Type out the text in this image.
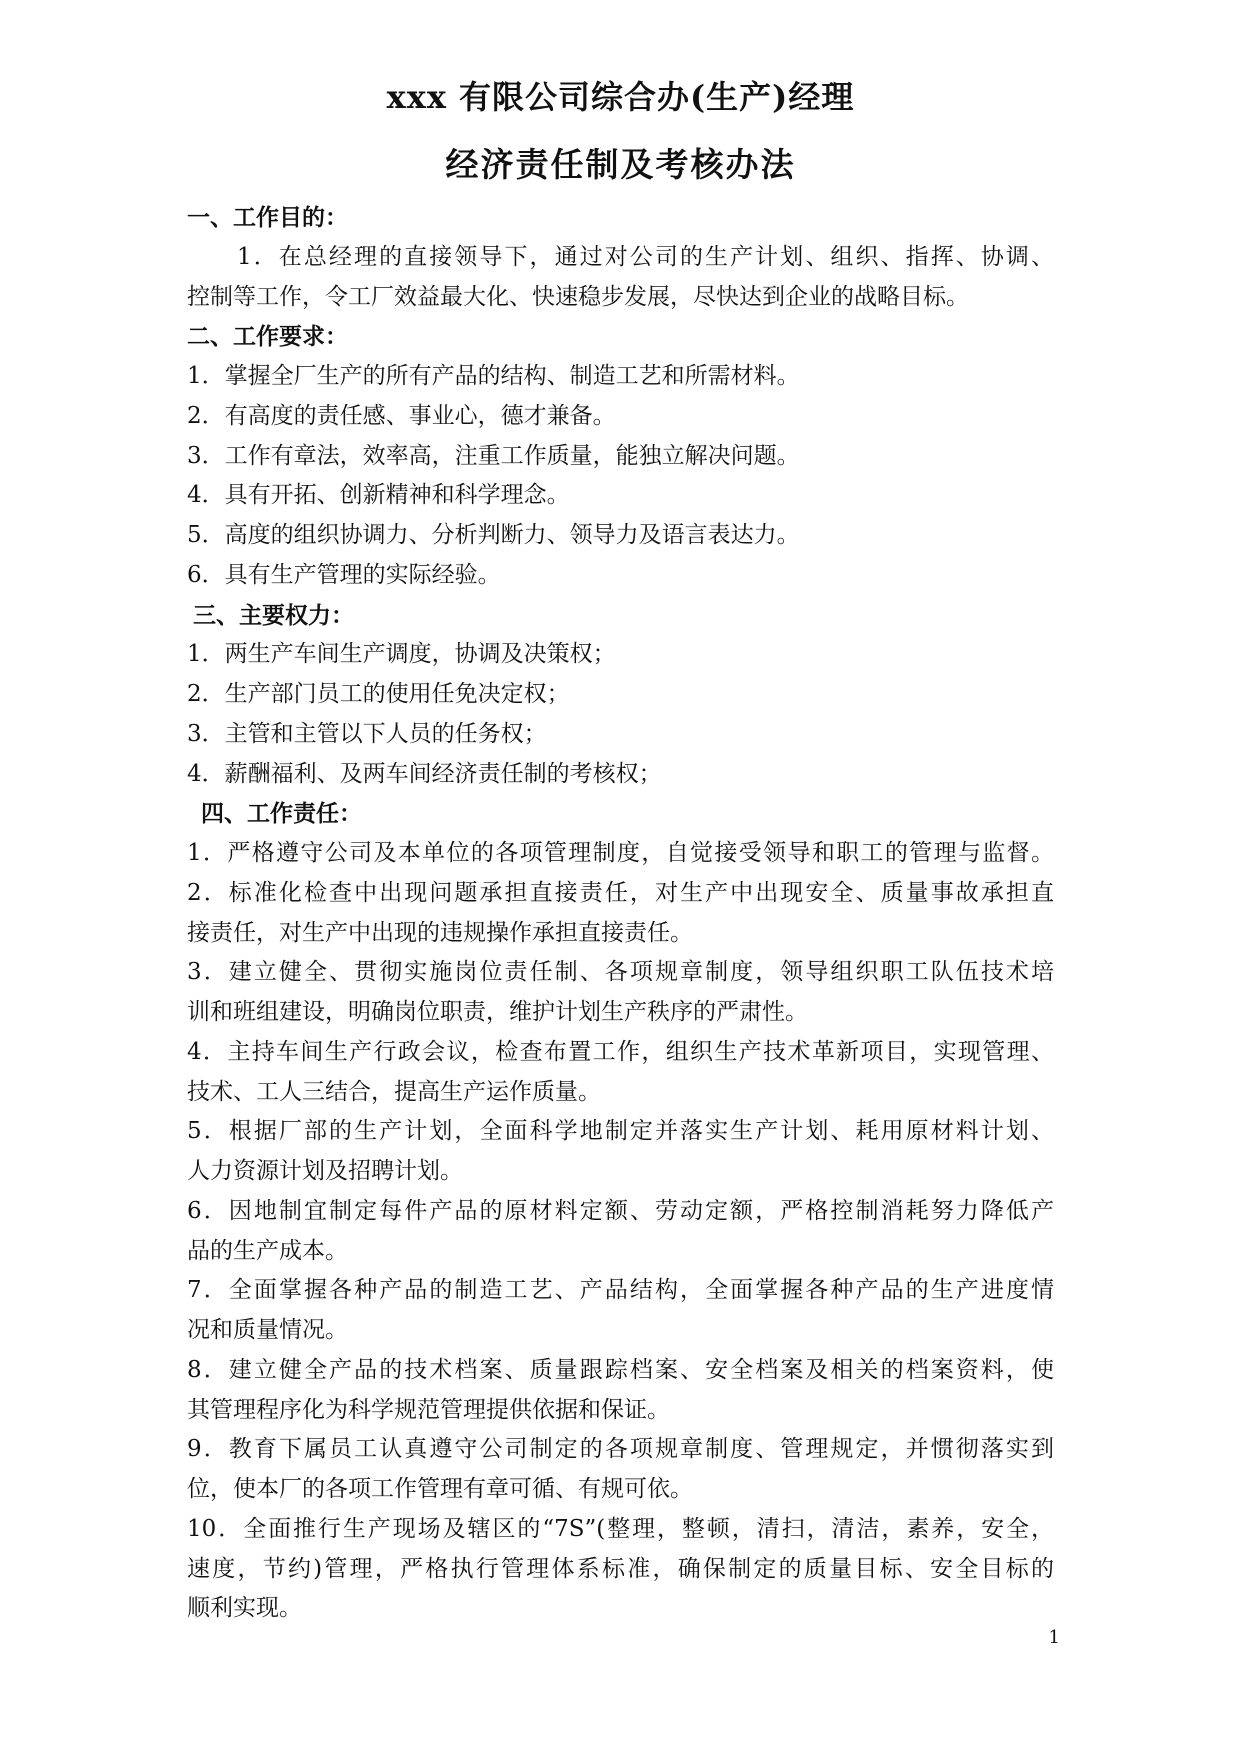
xxx 有限公司综合办(生产)经理
经济责任制及考核办法
一、工作目的：
1．在总经理的直接领导下，通过对公司的生产计划、组织、指挥、协调、
控制等工作，令工厂效益最大化、快速稳步发展，尽快达到企业的战略目标。
二、工作要求：
1．掌握全厂生产的所有产品的结构、制造工艺和所需材料。
2．有高度的责任感、事业心，德才兼备。
3．工作有章法，效率高，注重工作质量，能独立解决问题。
4．具有开拓、创新精神和科学理念。
5．高度的组织协调力、分析判断力、领导力及语言表达力。
6．具有生产管理的实际经验。
三、主要权力：
1．两生产车间生产调度，协调及决策权；
2．生产部门员工的使用任免决定权；
3．主管和主管以下人员的任务权；
4．薪酬福利、及两车间经济责任制的考核权；
四、工作责任：
1．严格遵守公司及本单位的各项管理制度，自觉接受领导和职工的管理与监督。
2．标准化检查中出现问题承担直接责任，对生产中出现安全、质量事故承担直
接责任，对生产中出现的违规操作承担直接责任。
3．建立健全、贯彻实施岗位责任制、各项规章制度，领导组织职工队伍技术培
训和班组建设，明确岗位职责，维护计划生产秩序的严肃性。
4．主持车间生产行政会议，检查布置工作，组织生产技术革新项目，实现管理、
技术、工人三结合，提高生产运作质量。
5．根据厂部的生产计划，全面科学地制定并落实生产计划、耗用原材料计划、
人力资源计划及招聘计划。
6．因地制宜制定每件产品的原材料定额、劳动定额，严格控制消耗努力降低产
品的生产成本。
7．全面掌握各种产品的制造工艺、产品结构，全面掌握各种产品的生产进度情
况和质量情况。
8．建立健全产品的技术档案、质量跟踪档案、安全档案及相关的档案资料，使
其管理程序化为科学规范管理提供依据和保证。
9．教育下属员工认真遵守公司制定的各项规章制度、管理规定，并惯彻落实到
位，使本厂的各项工作管理有章可循、有规可依。
10．全面推行生产现场及辖区的“7S”(整理，整顿，清扫，清洁，素养，安全，
速度，节约)管理，严格执行管理体系标准，确保制定的质量目标、安全目标的
顺利实现。
1
